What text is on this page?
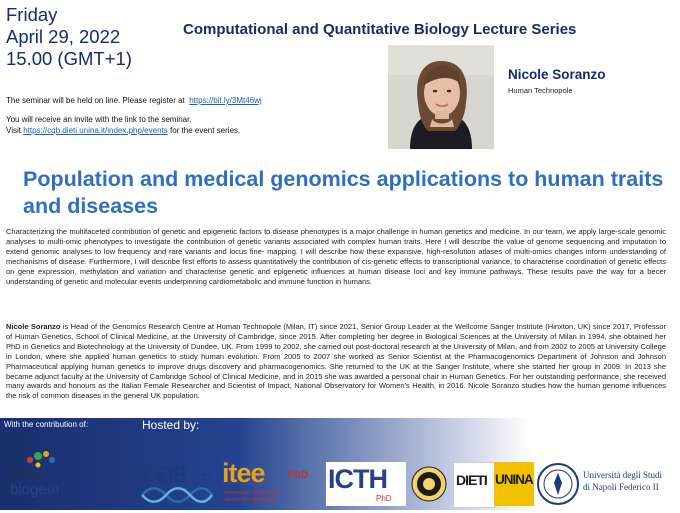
Friday
April 29, 2022
15.00 (GMT+1)
Computational and Quantitative Biology Lecture Series
Nicole Soranzo
Human Technopole
The seminar will be held on line. Please register at https://bit.ly/3Mt46wj
You will receive an invite with the link to the seminar.
Visit https://cqb.dieti.unina.it/index.php/events for the event series.
Population and medical genomics applications to human traits and diseases
Characterizing the multifaceted contribution of genetic and epigenetic factors to disease phenotypes is a major challenge in human genetics and medicine. In our team, we apply large-scale genomic analyses to multi-omic phenotypes to investigate the contribution of genetic variants associated with complex human traits. Here I will describe the value of genome sequencing and imputation to extend genomic analyses to low frequency and rare variants and locus fine- mapping. I will describe how these expansive, high-resolution atlases of multi-omics changes inform understanding of mechanisms of disease. Furthermore, I will describe first efforts to assess quantitatively the contribution of cis-genetic effects to transcriptional variance, to characterise coordination of genetic effects on gene expression, methylation and variation and characterise genetic and epigenetic influences at human disease loci and key immune pathways. These results pave the way for a becer understanding of genetic and molecular events underpinning cardiometabolic and immune function in humans.
Nicole Soranzo is Head of the Genomics Research Centre at Human Technopole (Milan, IT) since 2021, Senior Group Leader at the Wellcome Sanger Institute (Hinxton, UK) since 2017, Professor of Human Genetics, School of Clinical Medicine, at the University of Cambridge, since 2015. After completing her degree in Biological Sciences at the University of Milan in 1994, she obtained her PhD in Genetics and Biotechnology at the University of Dundee, UK. From 1999 to 2002, she carried out post-doctoral research at the University of Milan, and from 2002 to 2005 at University College in London, where she applied human genetics to study human evolution. From 2005 to 2007 she worked as Senior Scientist at the Pharmacogenomics Department of Johnson and Johnson Pharmaceutical applying human genetics to improve drugs discovery and pharmacogenomics. She returned to the UK at the Sanger Institute, where she started her group in 2009. In 2013 she became adjunct faculty at the University of Cambridge School of Clinical Medicine, and in 2015 she was awarded a personal chair in Human Genetics. For her outstanding performance, she received many awards and honours as the Italian Female Researcher and Scientist of Impact, National Observatory for Women's Health, in 2016. Nicole Soranzo studies how the human genome influences the risk of common diseases in the general UK population.
With the contribution of:	Hosted by:
fondazione
biogem
CQB PhD itee PhD
information technology
electrical engineering
ICTH
PhD
DIETI UNINA	Università degli Studi
di Napoli Federico II
